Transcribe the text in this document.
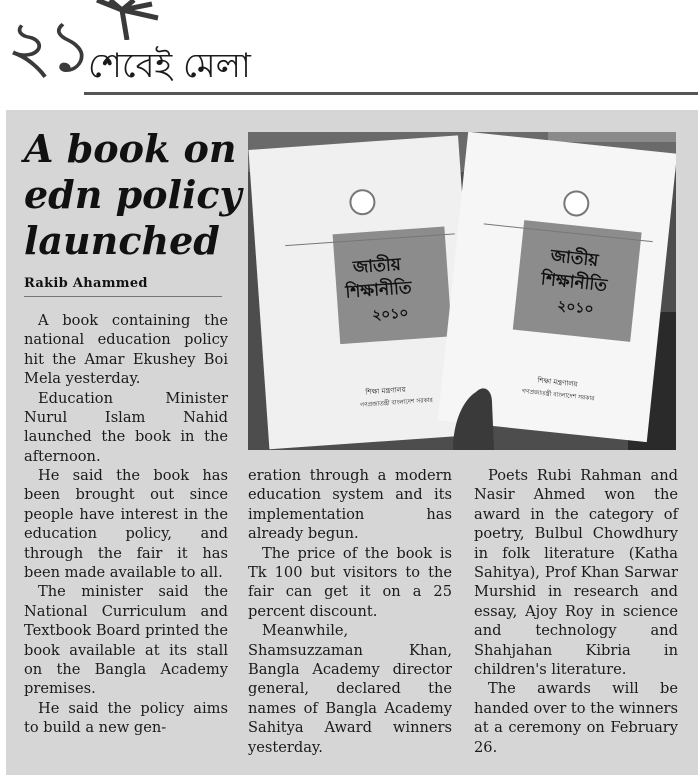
২১ শেবেই মেলা
A book on
edn policy
launched
Rakib Ahammed
জাতীয়
শিক্ষানীতি
২০১০
শিক্ষা মন্ত্রণালয়
গণপ্রজাতন্ত্রী বাংলাদেশ সরকার
জাতীয়
শিক্ষানীতি
২০১০
শিক্ষা মন্ত্রণালয়
গণপ্রজাতন্ত্রী বাংলাদেশ সরকার

A book containing the national education policy hit the Amar Ekushey Boi Mela yesterday.

Education Minister Nurul Islam Nahid launched the book in the afternoon.

He said the book has been brought out since people have interest in the education policy, and through the fair it has been made available to all.

The minister said the National Curriculum and Textbook Board printed the book available at its stall on the Bangla Academy premises.

He said the policy aims to build a new gen-

eration through a modern education system and its implementation has already begun.

The price of the book is Tk 100 but visitors to the fair can get it on a 25 percent discount.

Meanwhile, Shamsuzzaman Khan, Bangla Academy director general, declared the names of Bangla Academy Sahitya Award winners yesterday.

Poets Rubi Rahman and Nasir Ahmed won the award in the category of poetry, Bulbul Chowdhury in folk literature (Katha Sahitya), Prof Khan Sarwar Murshid in research and essay, Ajoy Roy in science and technology and Shahjahan Kibria in children's literature.

The awards will be handed over to the winners at a ceremony on February 26.
